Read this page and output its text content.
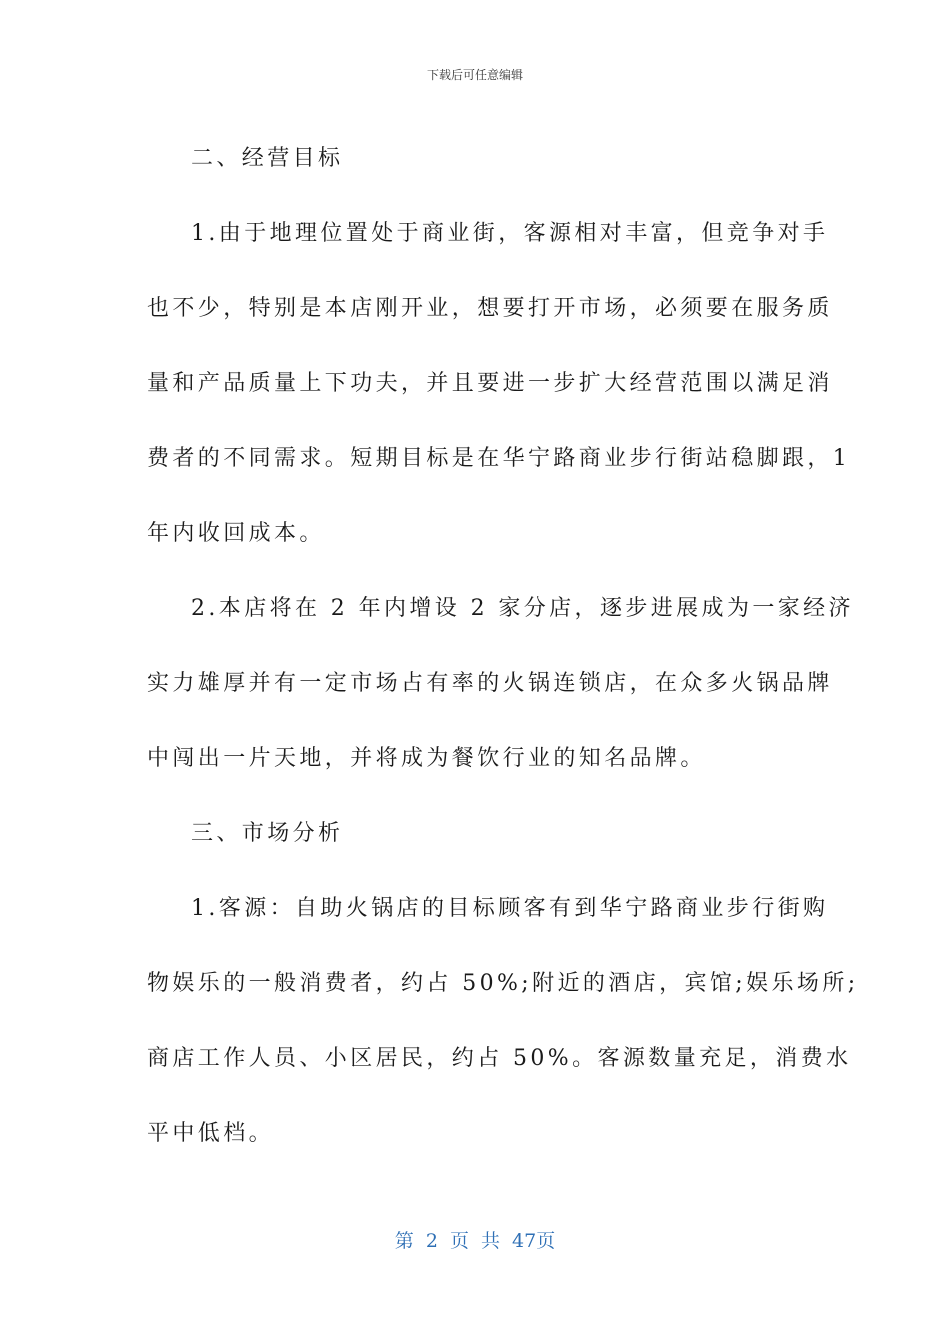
下载后可任意编辑
二、经营目标
1.由于地理位置处于商业街，客源相对丰富，但竞争对手
也不少，特别是本店刚开业，想要打开市场，必须要在服务质
量和产品质量上下功夫，并且要进一步扩大经营范围以满足消
费者的不同需求。短期目标是在华宁路商业步行街站稳脚跟，1
年内收回成本。
2.本店将在 2 年内增设 2 家分店，逐步进展成为一家经济
实力雄厚并有一定市场占有率的火锅连锁店，在众多火锅品牌
中闯出一片天地，并将成为餐饮行业的知名品牌。
三、市场分析
1.客源：自助火锅店的目标顾客有到华宁路商业步行街购
物娱乐的一般消费者，约占 50%;附近的酒店，宾馆;娱乐场所;
商店工作人员、小区居民，约占 50%。客源数量充足，消费水
平中低档。
第 2 页 共 47页
